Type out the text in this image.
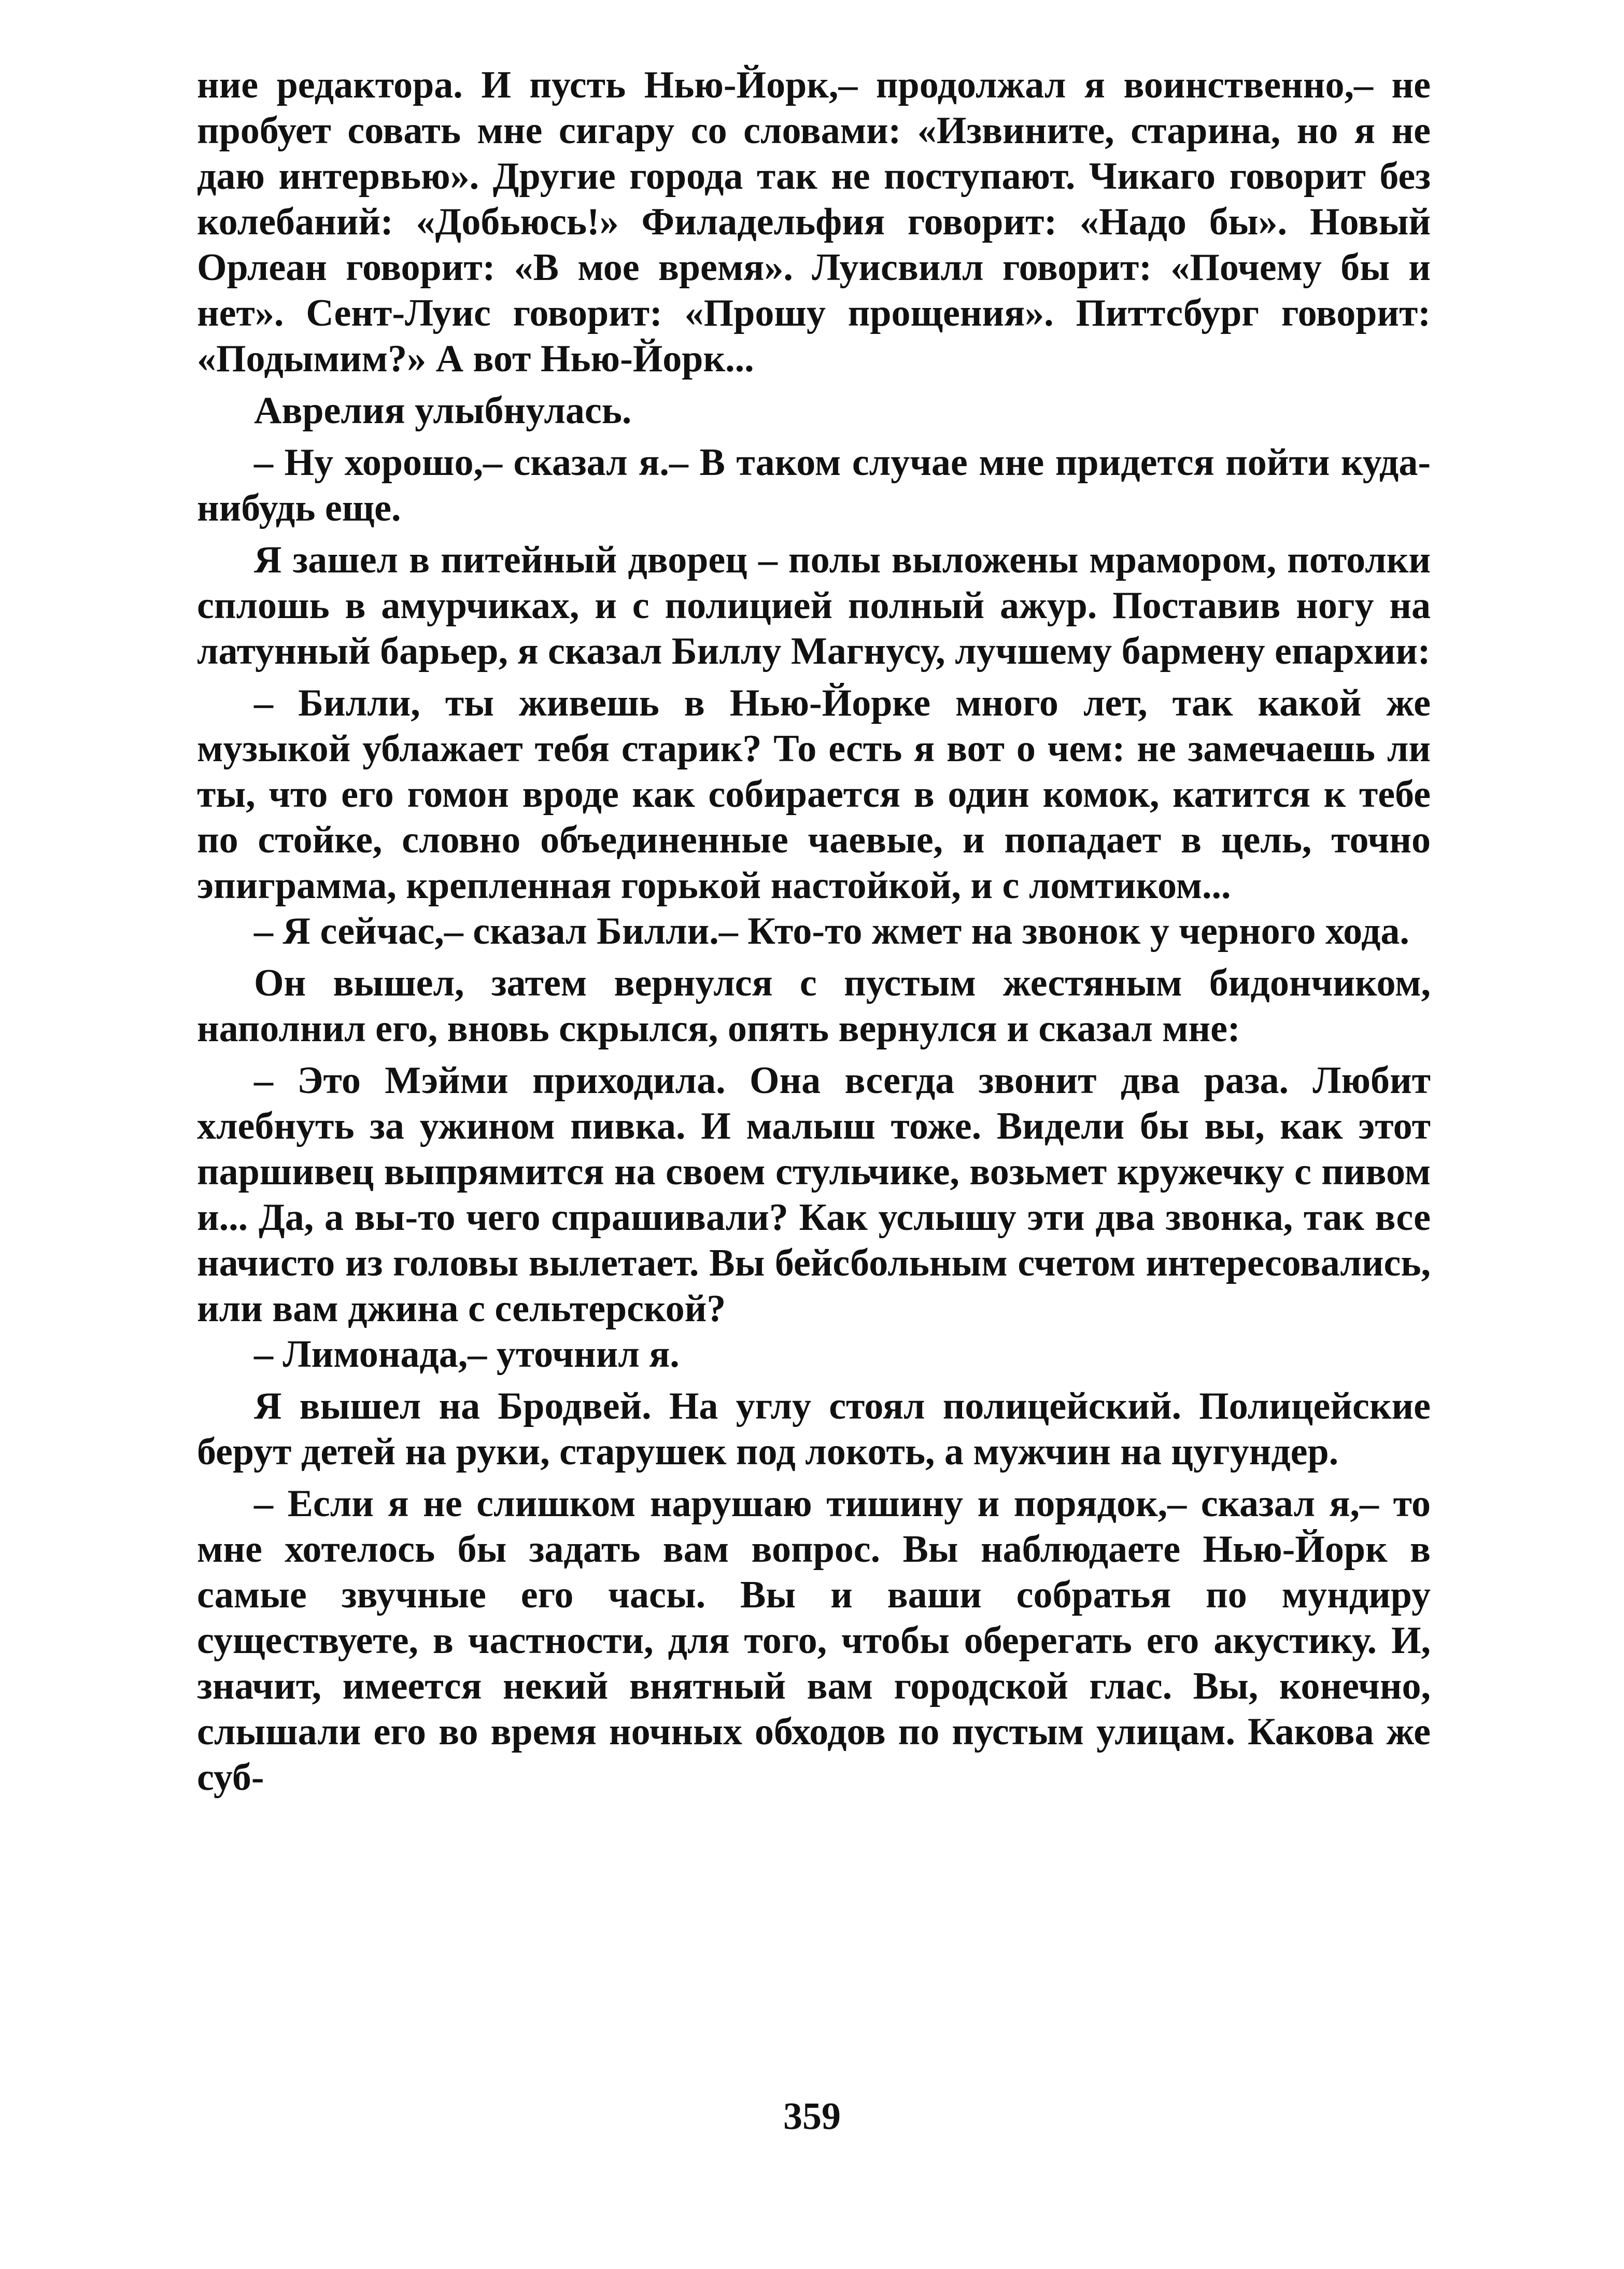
ние редактора. И пусть Нью-Йорк,– продолжал я воинственно,– не пробует совать мне сигару со словами: «Извините, старина, но я не даю интервью». Другие города так не поступают. Чикаго говорит без колебаний: «Добьюсь!» Филадельфия говорит: «Надо бы». Новый Орлеан говорит: «В мое время». Луисвилл говорит: «Почему бы и нет». Сент-Луис говорит: «Прошу прощения». Питтсбург говорит: «Подымим?» А вот Нью-Йорк...

Аврелия улыбнулась.

– Ну хорошо,– сказал я.– В таком случае мне придется пойти куда-нибудь еще.

Я зашел в питейный дворец – полы выложены мрамором, потолки сплошь в амурчиках, и с полицией полный ажур. Поставив ногу на латунный барьер, я сказал Биллу Магнусу, лучшему бармену епархии:

– Билли, ты живешь в Нью-Йорке много лет, так какой же музыкой ублажает тебя старик? То есть я вот о чем: не замечаешь ли ты, что его гомон вроде как собирается в один комок, катится к тебе по стойке, словно объединенные чаевые, и попадает в цель, точно эпиграмма, крепленная горькой настойкой, и с ломтиком...

– Я сейчас,– сказал Билли.– Кто-то жмет на звонок у черного хода.

Он вышел, затем вернулся с пустым жестяным бидончиком, наполнил его, вновь скрылся, опять вернулся и сказал мне:

– Это Мэйми приходила. Она всегда звонит два раза. Любит хлебнуть за ужином пивка. И малыш тоже. Видели бы вы, как этот паршивец выпрямится на своем стульчике, возьмет кружечку с пивом и... Да, а вы-то чего спрашивали? Как услышу эти два звонка, так все начисто из головы вылетает. Вы бейсбольным счетом интересовались, или вам джина с сельтерской?

– Лимонада,– уточнил я.

Я вышел на Бродвей. На углу стоял полицейский. Полицейские берут детей на руки, старушек под локоть, а мужчин на цугундер.

– Если я не слишком нарушаю тишину и порядок,– сказал я,– то мне хотелось бы задать вам вопрос. Вы наблюдаете Нью-Йорк в самые звучные его часы. Вы и ваши собратья по мундиру существуете, в частности, для того, чтобы оберегать его акустику. И, значит, имеется некий внятный вам городской глас. Вы, конечно, слышали его во время ночных обходов по пустым улицам. Какова же суб-

359
